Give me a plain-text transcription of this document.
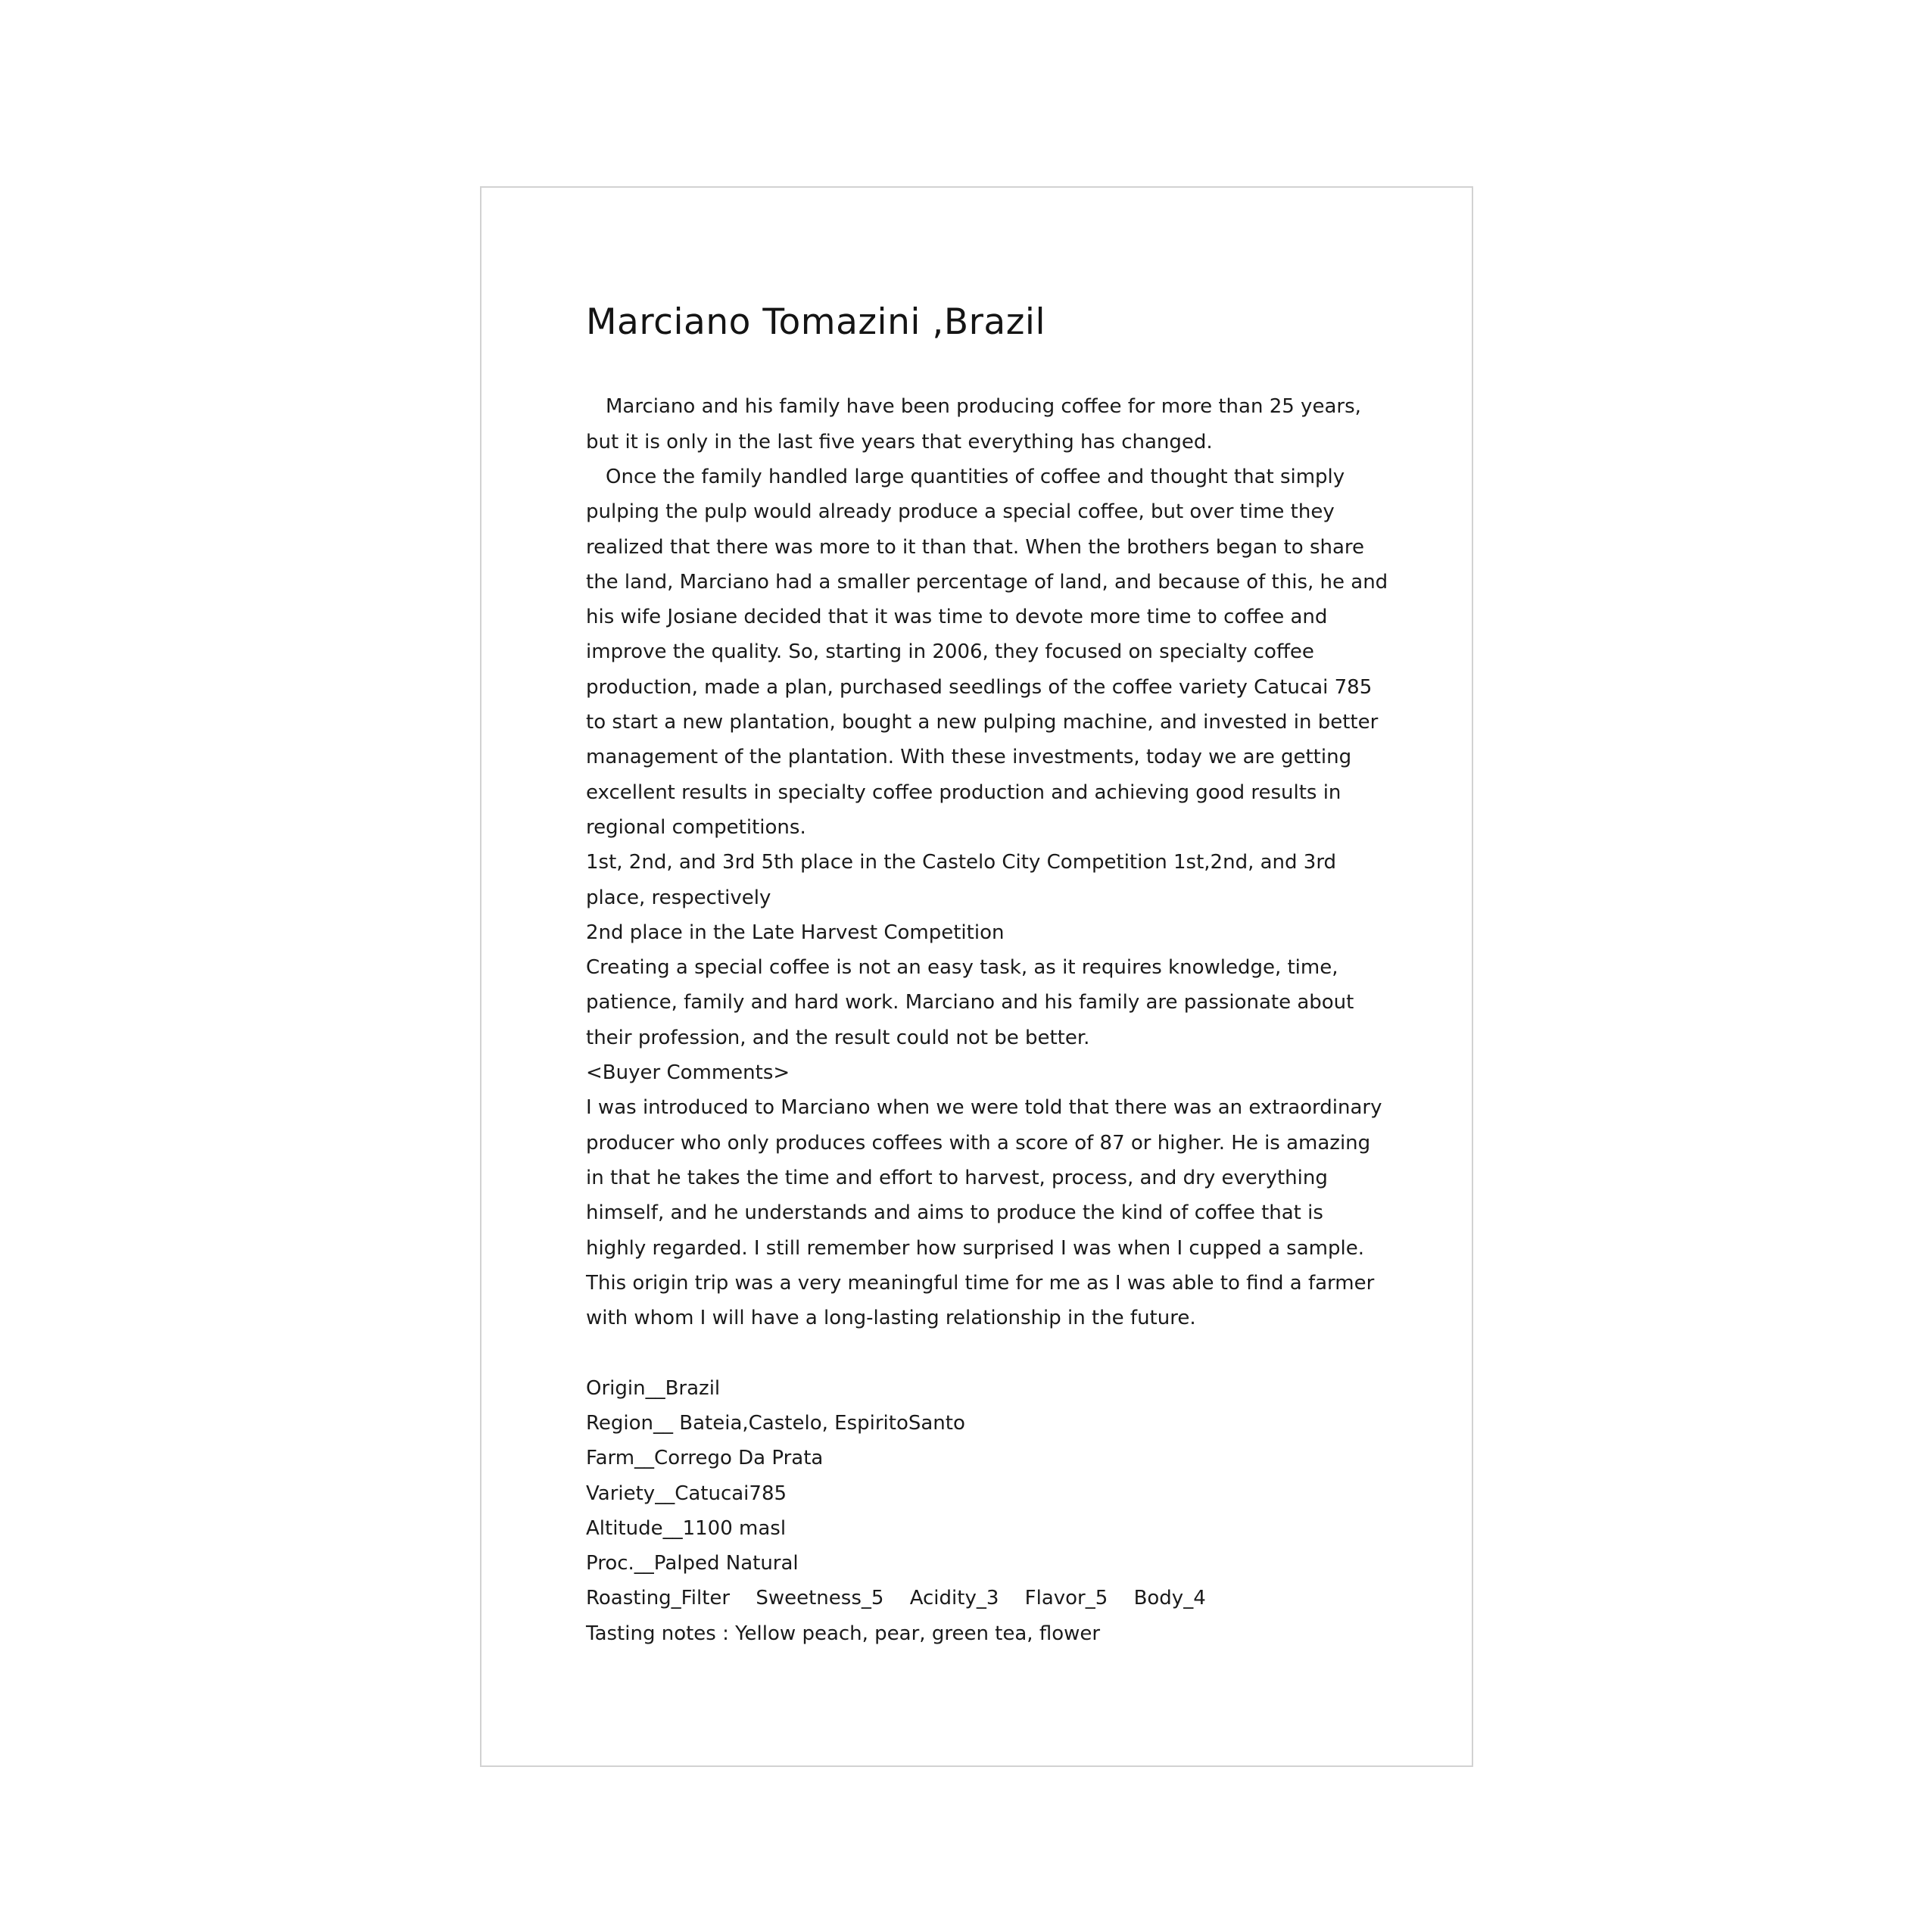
Marciano Tomazini ,Brazil

Marciano and his family have been producing coffee for more than 25 years, but it is only in the last five years that everything has changed.

Once the family handled large quantities of coffee and thought that simply pulping the pulp would already produce a special coffee, but over time they realized that there was more to it than that. When the brothers began to share the land, Marciano had a smaller percentage of land, and because of this, he and his wife Josiane decided that it was time to devote more time to coffee and improve the quality. So, starting in 2006, they focused on specialty coffee production, made a plan, purchased seedlings of the coffee variety Catucai 785 to start a new plantation, bought a new pulping machine, and invested in better management of the plantation. With these investments, today we are getting excellent results in specialty coffee production and achieving good results in regional competitions.

1st, 2nd, and 3rd 5th place in the Castelo City Competition 1st,2nd, and 3rd place, respectively

2nd place in the Late Harvest Competition

Creating a special coffee is not an easy task, as it requires knowledge, time, patience, family and hard work. Marciano and his family are passionate about their profession, and the result could not be better.

<Buyer Comments>

I was introduced to Marciano when we were told that there was an extraordinary producer who only produces coffees with a score of 87 or higher. He is amazing in that he takes the time and effort to harvest, process, and dry everything himself, and he understands and aims to produce the kind of coffee that is highly regarded. I still remember how surprised I was when I cupped a sample. This origin trip was a very meaningful time for me as I was able to find a farmer with whom I will have a long-lasting relationship in the future.

Origin__Brazil

Region__ Bateia,Castelo, EspiritoSanto

Farm__Corrego Da Prata

Variety__Catucai785

Altitude__1100 masl

Proc.__Palped Natural

Roasting_Filter Sweetness_5 Acidity_3 Flavor_5 Body_4

Tasting notes : Yellow peach, pear, green tea, flower
